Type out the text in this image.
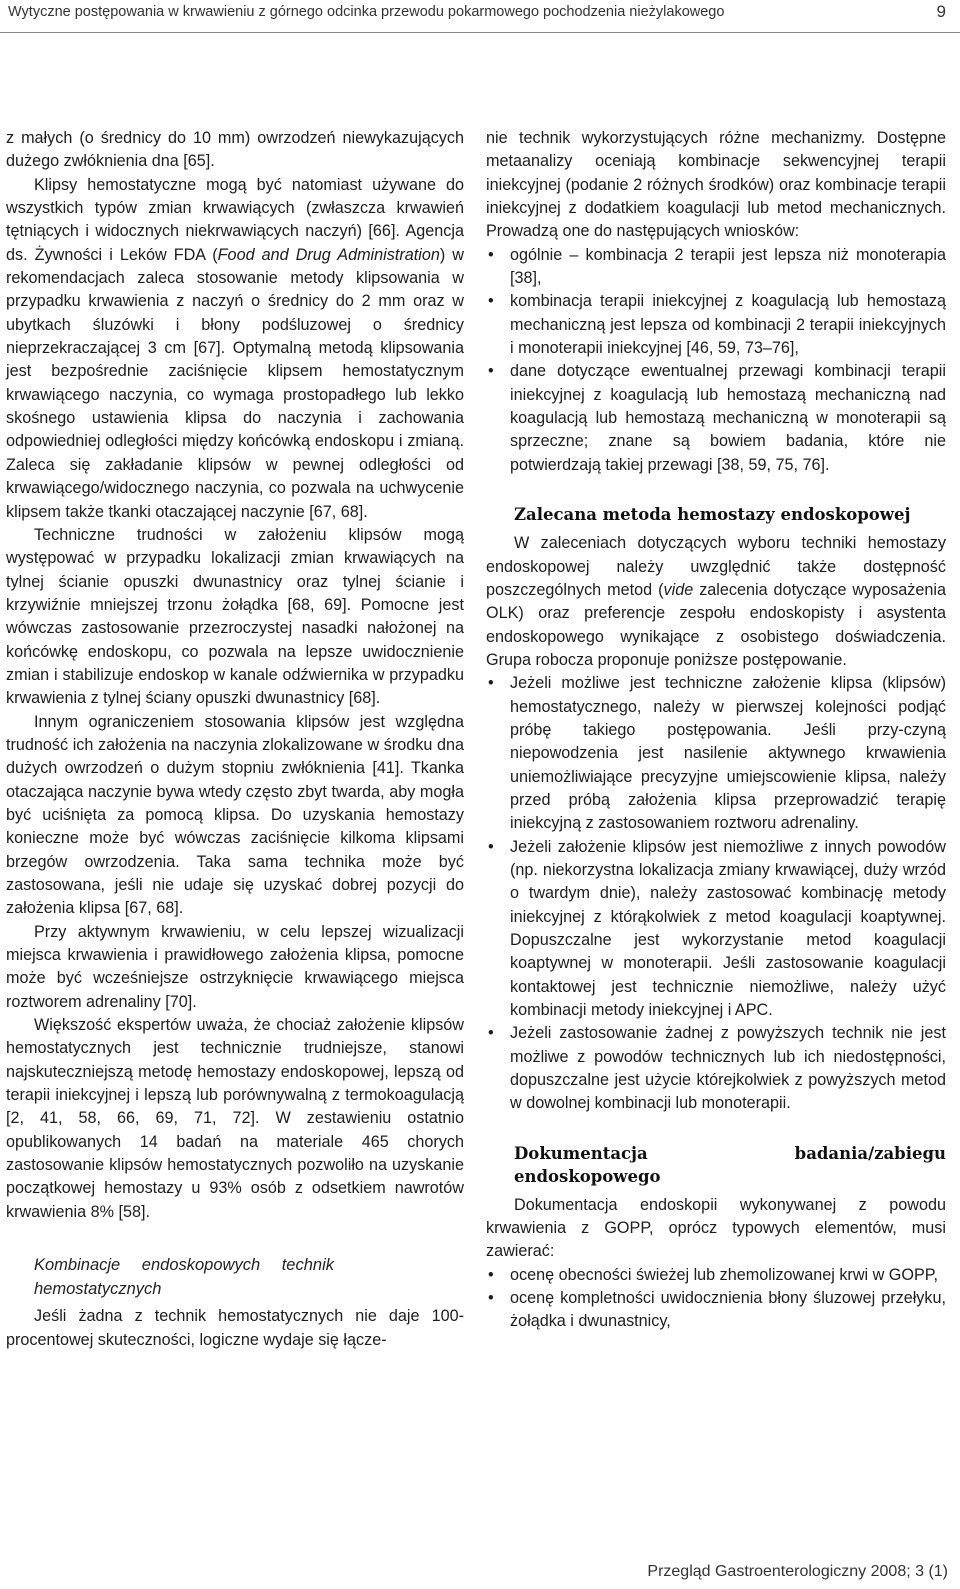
Wytyczne postępowania w krwawieniu z górnego odcinka przewodu pokarmowego pochodzenia nieżylakowego	9

z małych (o średnicy do 10 mm) owrzodzeń niewykazujących dużego zwłóknienia dna [65].

Klipsy hemostatyczne mogą być natomiast używane do wszystkich typów zmian krwawiących (zwłaszcza krwawień tętniących i widocznych niekrwawiących naczyń) [66]. Agencja ds. Żywności i Leków FDA (Food and Drug Administration) w rekomendacjach zaleca stosowanie metody klipsowania w przypadku krwawienia z naczyń o średnicy do 2 mm oraz w ubytkach śluzówki i błony podśluzowej o średnicy nieprzekraczającej 3 cm [67]. Optymalną metodą klipsowania jest bezpośrednie zaciśnięcie klipsem hemostatycznym krwawiącego naczynia, co wymaga prostopadłego lub lekko skośnego ustawienia klipsa do naczynia i zachowania odpowiedniej odległości między końcówką endoskopu i zmianą. Zaleca się zakładanie klipsów w pewnej odległości od krwawiącego/widocznego naczynia, co pozwala na uchwycenie klipsem także tkanki otaczającej naczynie [67, 68].

Techniczne trudności w założeniu klipsów mogą występować w przypadku lokalizacji zmian krwawiących na tylnej ścianie opuszki dwunastnicy oraz tylnej ścianie i krzywiźnie mniejszej trzonu żołądka [68, 69]. Pomocne jest wówczas zastosowanie przezroczystej nasadki nałożonej na końcówkę endoskopu, co pozwala na lepsze uwidocznienie zmian i stabilizuje endoskop w kanale odźwiernika w przypadku krwawienia z tylnej ściany opuszki dwunastnicy [68].

Innym ograniczeniem stosowania klipsów jest względna trudność ich założenia na naczynia zlokalizowane w środku dna dużych owrzodzeń o dużym stopniu zwłóknienia [41]. Tkanka otaczająca naczynie bywa wtedy często zbyt twarda, aby mogła być uciśnięta za pomocą klipsa. Do uzyskania hemostazy konieczne może być wówczas zaciśnięcie kilkoma klipsami brzegów owrzodzenia. Taka sama technika może być zastosowana, jeśli nie udaje się uzyskać dobrej pozycji do założenia klipsa [67, 68].

Przy aktywnym krwawieniu, w celu lepszej wizualizacji miejsca krwawienia i prawidłowego założenia klipsa, pomocne może być wcześniejsze ostrzyknięcie krwawiącego miejsca roztworem adrenaliny [70].

Większość ekspertów uważa, że chociaż założenie klipsów hemostatycznych jest technicznie trudniejsze, stanowi najskuteczniejszą metodę hemostazy endoskopowej, lepszą od terapii iniekcyjnej i lepszą lub porównywalną z termokoagulacją [2, 41, 58, 66, 69, 71, 72]. W zestawieniu ostatnio opublikowanych 14 badań na materiale 465 chorych zastosowanie klipsów hemostatycznych pozwoliło na uzyskanie początkowej hemostazy u 93% osób z odsetkiem nawrotów krwawienia 8% [58].

Kombinacje endoskopowych technik hemostatycznych

Jeśli żadna z technik hemostatycznych nie daje 100-procentowej skuteczności, logiczne wydaje się łącze-

nie technik wykorzystujących różne mechanizmy. Dostępne metaanalizy oceniają kombinacje sekwencyjnej terapii iniekcyjnej (podanie 2 różnych środków) oraz kombinacje terapii iniekcyjnej z dodatkiem koagulacji lub metod mechanicznych. Prowadzą one do następujących wniosków:

• ogólnie – kombinacja 2 terapii jest lepsza niż monoterapia [38],
• kombinacja terapii iniekcyjnej z koagulacją lub hemostazą mechaniczną jest lepsza od kombinacji 2 terapii iniekcyjnych i monoterapii iniekcyjnej [46, 59, 73–76],
• dane dotyczące ewentualnej przewagi kombinacji terapii iniekcyjnej z koagulacją lub hemostazą mechaniczną nad koagulacją lub hemostazą mechaniczną w monoterapii są sprzeczne; znane są bowiem badania, które nie potwierdzają takiej przewagi [38, 59, 75, 76].
Zalecana metoda hemostazy endoskopowej

W zaleceniach dotyczących wyboru techniki hemostazy endoskopowej należy uwzględnić także dostępność poszczególnych metod (vide zalecenia dotyczące wyposażenia OLK) oraz preferencje zespołu endoskopisty i asystenta endoskopowego wynikające z osobistego doświadczenia. Grupa robocza proponuje poniższe postępowanie.

• Jeżeli możliwe jest techniczne założenie klipsa (klipsów) hemostatycznego, należy w pierwszej kolejności podjąć próbę takiego postępowania. Jeśli przy-czyną niepowodzenia jest nasilenie aktywnego krwawienia uniemożliwiające precyzyjne umiejscowienie klipsa, należy przed próbą założenia klipsa przeprowadzić terapię iniekcyjną z zastosowaniem roztworu adrenaliny.
• Jeżeli założenie klipsów jest niemożliwe z innych powodów (np. niekorzystna lokalizacja zmiany krwawiącej, duży wrzód o twardym dnie), należy zastosować kombinację metody iniekcyjnej z którąkolwiek z metod koagulacji koaptywnej. Dopuszczalne jest wykorzystanie metod koagulacji koaptywnej w monoterapii. Jeśli zastosowanie koagulacji kontaktowej jest technicznie niemożliwe, należy użyć kombinacji metody iniekcyjnej i APC.
• Jeżeli zastosowanie żadnej z powyższych technik nie jest możliwe z powodów technicznych lub ich niedostępności, dopuszczalne jest użycie którejkolwiek z powyższych metod w dowolnej kombinacji lub monoterapii.
Dokumentacja badania/zabiegu endoskopowego

Dokumentacja endoskopii wykonywanej z powodu krwawienia z GOPP, oprócz typowych elementów, musi zawierać:

• ocenę obecności świeżej lub zhemolizowanej krwi w GOPP,
• ocenę kompletności uwidocznienia błony śluzowej przełyku, żołądka i dwunastnicy,
Przegląd Gastroenterologiczny 2008; 3 (1)
